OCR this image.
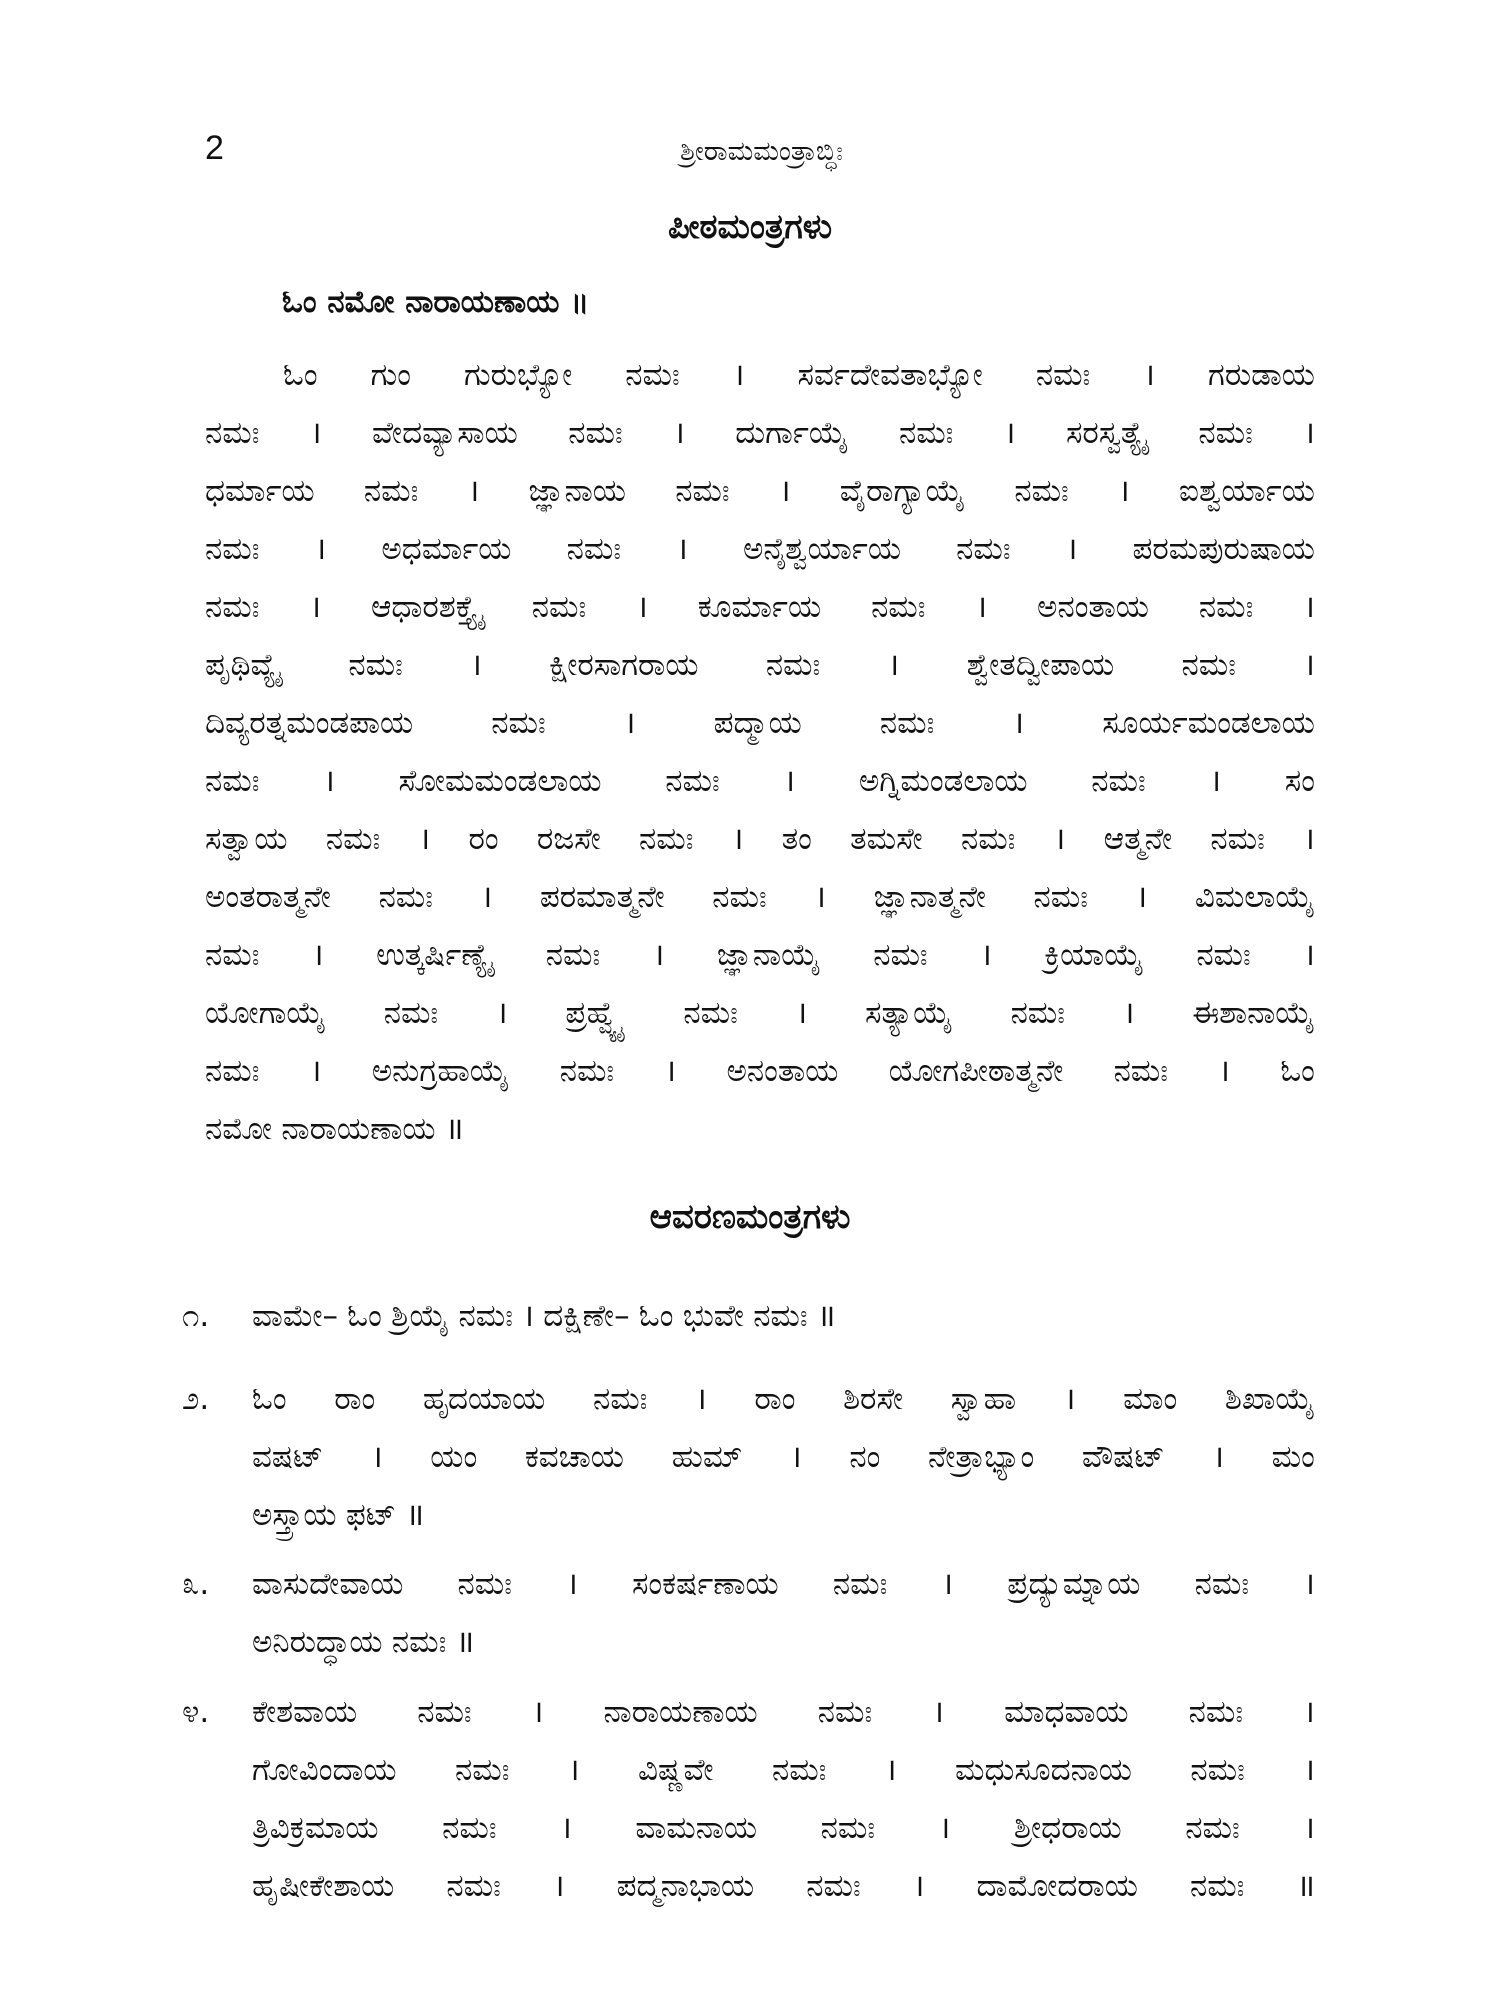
2	ಶ್ರೀರಾಮಮಂತ್ರಾಬ್ಧಿಃ
ಪೀಠಮಂತ್ರಗಳು
ಓಂ ನಮೋ ನಾರಾಯಣಾಯ ॥
ಓಂ ಗುಂ ಗುರುಭ್ಯೋ ನಮಃ । ಸರ್ವದೇವತಾಭ್ಯೋ ನಮಃ । ಗರುಡಾಯ
ನಮಃ । ವೇದವ್ಯಾಸಾಯ ನಮಃ । ದುರ್ಗಾಯೈ ನಮಃ । ಸರಸ್ವತ್ಯೈ ನಮಃ ।
ಧರ್ಮಾಯ ನಮಃ । ಜ್ಞಾನಾಯ ನಮಃ । ವೈರಾಗ್ಯಾಯೈ ನಮಃ । ಐಶ್ವರ್ಯಾಯ
ನಮಃ । ಅಧರ್ಮಾಯ ನಮಃ । ಅನೈಶ್ವರ್ಯಾಯ ನಮಃ । ಪರಮಪುರುಷಾಯ
ನಮಃ । ಆಧಾರಶಕ್ತ್ಯೈ ನಮಃ । ಕೂರ್ಮಾಯ ನಮಃ । ಅನಂತಾಯ ನಮಃ ।
ಪೃಥಿವ್ಯೈ ನಮಃ । ಕ್ಷೀರಸಾಗರಾಯ ನಮಃ । ಶ್ವೇತದ್ವೀಪಾಯ ನಮಃ ।
ದಿವ್ಯರತ್ನಮಂಡಪಾಯ	ನಮಃ	।	ಪದ್ಮಾಯ	ನಮಃ	।	ಸೂರ್ಯಮಂಡಲಾಯ
ನಮಃ । ಸೋಮಮಂಡಲಾಯ ನಮಃ । ಅಗ್ನಿಮಂಡಲಾಯ ನಮಃ । ಸಂ
ಸತ್ವಾಯ ನಮಃ । ರಂ ರಜಸೇ ನಮಃ । ತಂ ತಮಸೇ ನಮಃ । ಆತ್ಮನೇ ನಮಃ ।
ಅಂತರಾತ್ಮನೇ ನಮಃ । ಪರಮಾತ್ಮನೇ ನಮಃ । ಜ್ಞಾನಾತ್ಮನೇ ನಮಃ । ವಿಮಲಾಯೈ
ನಮಃ । ಉತ್ಕರ್ಷಿಣ್ಯೈ ನಮಃ । ಜ್ಞಾನಾಯೈ ನಮಃ । ಕ್ರಿಯಾಯೈ ನಮಃ ।
ಯೋಗಾಯೈ ನಮಃ । ಪ್ರಹ್ವ್ಯೈ ನಮಃ । ಸತ್ಯಾಯೈ ನಮಃ । ಈಶಾನಾಯೈ
ನಮಃ । ಅನುಗ್ರಹಾಯೈ ನಮಃ । ಅನಂತಾಯ ಯೋಗಪೀಠಾತ್ಮನೇ ನಮಃ । ಓಂ
ನಮೋ ನಾರಾಯಣಾಯ ॥
ಆವರಣಮಂತ್ರಗಳು
೧. ವಾಮೇ– ಓಂ ಶ್ರಿಯೈ ನಮಃ । ದಕ್ಷಿಣೇ– ಓಂ ಭುವೇ ನಮಃ ॥
೨. ಓಂ ರಾಂ ಹೃದಯಾಯ ನಮಃ । ರಾಂ ಶಿರಸೇ ಸ್ವಾಹಾ । ಮಾಂ ಶಿಖಾಯೈ
ವಷಟ್ । ಯಂ ಕವಚಾಯ ಹುಮ್ । ನಂ ನೇತ್ರಾಭ್ಯಾಂ ವೌಷಟ್ । ಮಂ
ಅಸ್ತ್ರಾಯ ಫಟ್ ॥
೩. ವಾಸುದೇವಾಯ ನಮಃ । ಸಂಕರ್ಷಣಾಯ ನಮಃ । ಪ್ರದ್ಯುಮ್ನಾಯ ನಮಃ ।
ಅನಿರುದ್ಧಾಯ ನಮಃ ॥
೪. ಕೇಶವಾಯ ನಮಃ । ನಾರಾಯಣಾಯ ನಮಃ । ಮಾಧವಾಯ ನಮಃ ।
ಗೋವಿಂದಾಯ ನಮಃ । ವಿಷ್ಣವೇ ನಮಃ । ಮಧುಸೂದನಾಯ ನಮಃ ।
ತ್ರಿವಿಕ್ರಮಾಯ ನಮಃ । ವಾಮನಾಯ ನಮಃ । ಶ್ರೀಧರಾಯ ನಮಃ ।
ಹೃಷೀಕೇಶಾಯ ನಮಃ । ಪದ್ಮನಾಭಾಯ ನಮಃ । ದಾಮೋದರಾಯ ನಮಃ ॥
